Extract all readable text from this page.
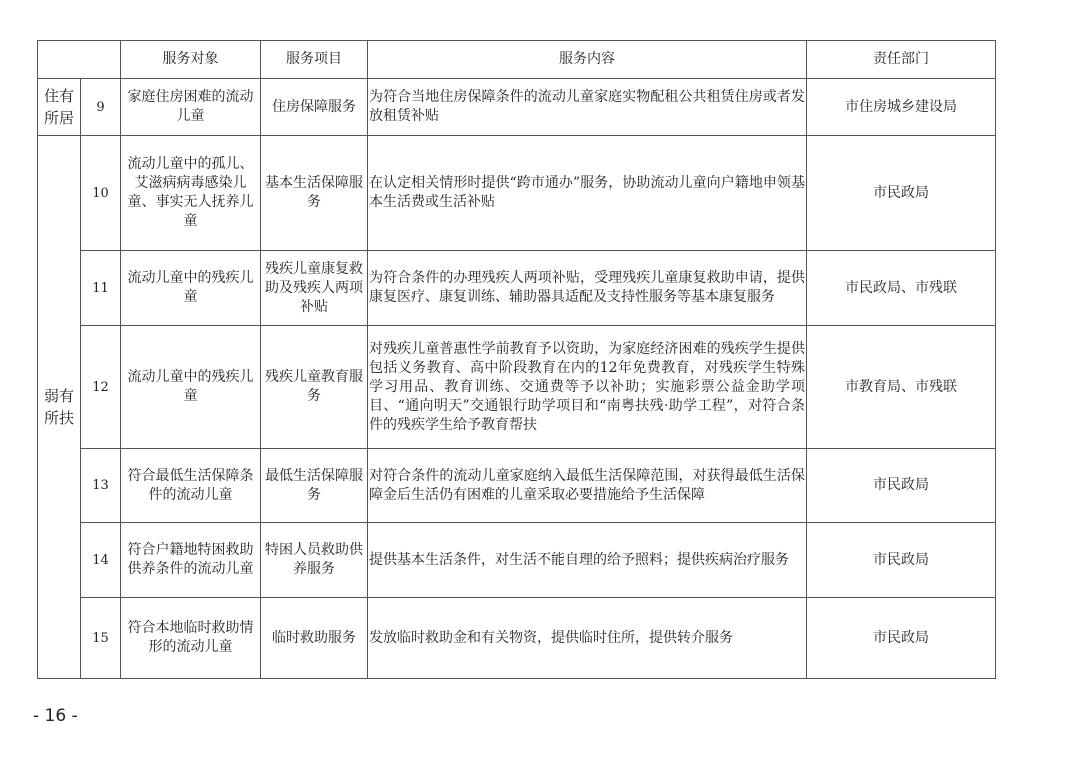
		服务对象	服务项目	服务内容	责任部门
住有所居	9	家庭住房困难的流动儿童	住房保障服务	为符合当地住房保障条件的流动儿童家庭实物配租公共租赁住房或者发放租赁补贴	市住房城乡建设局
弱有所扶	10	流动儿童中的孤儿、艾滋病病毒感染儿童、事实无人抚养儿童	基本生活保障服务	在认定相关情形时提供“跨市通办”服务，协助流动儿童向户籍地申领基本生活费或生活补贴	市民政局
	11	流动儿童中的残疾儿童	残疾儿童康复救助及残疾人两项补贴	为符合条件的办理残疾人两项补贴，受理残疾儿童康复救助申请，提供康复医疗、康复训练、辅助器具适配及支持性服务等基本康复服务	市民政局、市残联
	12	流动儿童中的残疾儿童	残疾儿童教育服务	对残疾儿童普惠性学前教育予以资助，为家庭经济困难的残疾学生提供包括义务教育、高中阶段教育在内的12年免费教育，对残疾学生特殊学习用品、教育训练、交通费等予以补助；实施彩票公益金助学项目、“通向明天”交通银行助学项目和“南粤扶残·助学工程”，对符合条件的残疾学生给予教育帮扶	市教育局、市残联
	13	符合最低生活保障条件的流动儿童	最低生活保障服务	对符合条件的流动儿童家庭纳入最低生活保障范围，对获得最低生活保障金后生活仍有困难的儿童采取必要措施给予生活保障	市民政局
	14	符合户籍地特困救助供养条件的流动儿童	特困人员救助供养服务	提供基本生活条件，对生活不能自理的给予照料；提供疾病治疗服务	市民政局
	15	符合本地临时救助情形的流动儿童	临时救助服务	发放临时救助金和有关物资，提供临时住所，提供转介服务	市民政局
- 16 -
